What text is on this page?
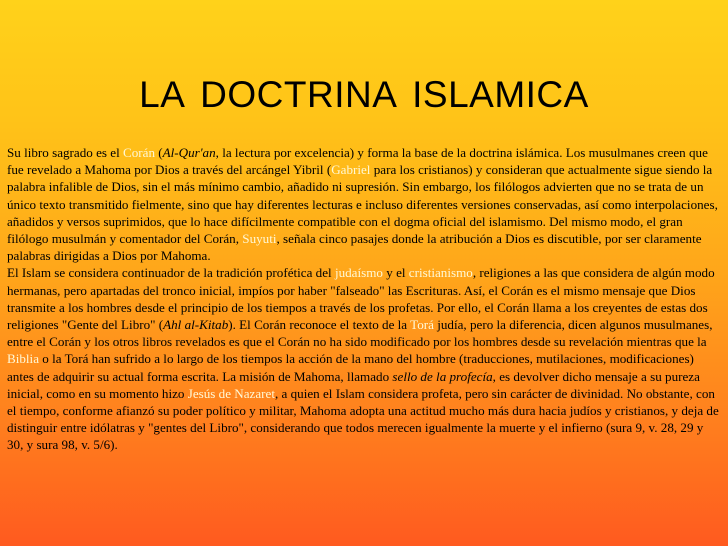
LA DOCTRINA ISLAMICA

Su libro sagrado es el Corán (Al-Qur'an, la lectura por excelencia) y forma la base de la doctrina islámica. Los musulmanes creen que fue revelado a Mahoma por Dios a través del arcángel Yibril (Gabriel para los cristianos) y consideran que actualmente sigue siendo la palabra infalible de Dios, sin el más mínimo cambio, añadido ni supresión. Sin embargo, los filólogos advierten que no se trata de un único texto transmitido fielmente, sino que hay diferentes lecturas e incluso diferentes versiones conservadas, así como interpolaciones, añadidos y versos suprimidos, que lo hace difícilmente compatible con el dogma oficial del islamismo. Del mismo modo, el gran filólogo musulmán y comentador del Corán, Suyuti, señala cinco pasajes donde la atribución a Dios es discutible, por ser claramente palabras dirigidas a Dios por Mahoma.

El Islam se considera continuador de la tradición profética del judaísmo y el cristianismo, religiones a las que considera de algún modo hermanas, pero apartadas del tronco inicial, impíos por haber "falseado" las Escrituras. Así, el Corán es el mismo mensaje que Dios transmite a los hombres desde el principio de los tiempos a través de los profetas. Por ello, el Corán llama a los creyentes de estas dos religiones "Gente del Libro" (Ahl al-Kitab). El Corán reconoce el texto de la Torá judía, pero la diferencia, dicen algunos musulmanes, entre el Corán y los otros libros revelados es que el Corán no ha sido modificado por los hombres desde su revelación mientras que la Biblia o la Torá han sufrido a lo largo de los tiempos la acción de la mano del hombre (traducciones, mutilaciones, modificaciones) antes de adquirir su actual forma escrita. La misión de Mahoma, llamado sello de la profecía, es devolver dicho mensaje a su pureza inicial, como en su momento hizo Jesús de Nazaret, a quien el Islam considera profeta, pero sin carácter de divinidad. No obstante, con el tiempo, conforme afianzó su poder político y militar, Mahoma adopta una actitud mucho más dura hacia judíos y cristianos, y deja de distinguir entre idólatras y "gentes del Libro", considerando que todos merecen igualmente la muerte y el infierno (sura 9, v. 28, 29 y 30, y sura 98, v. 5/6).
